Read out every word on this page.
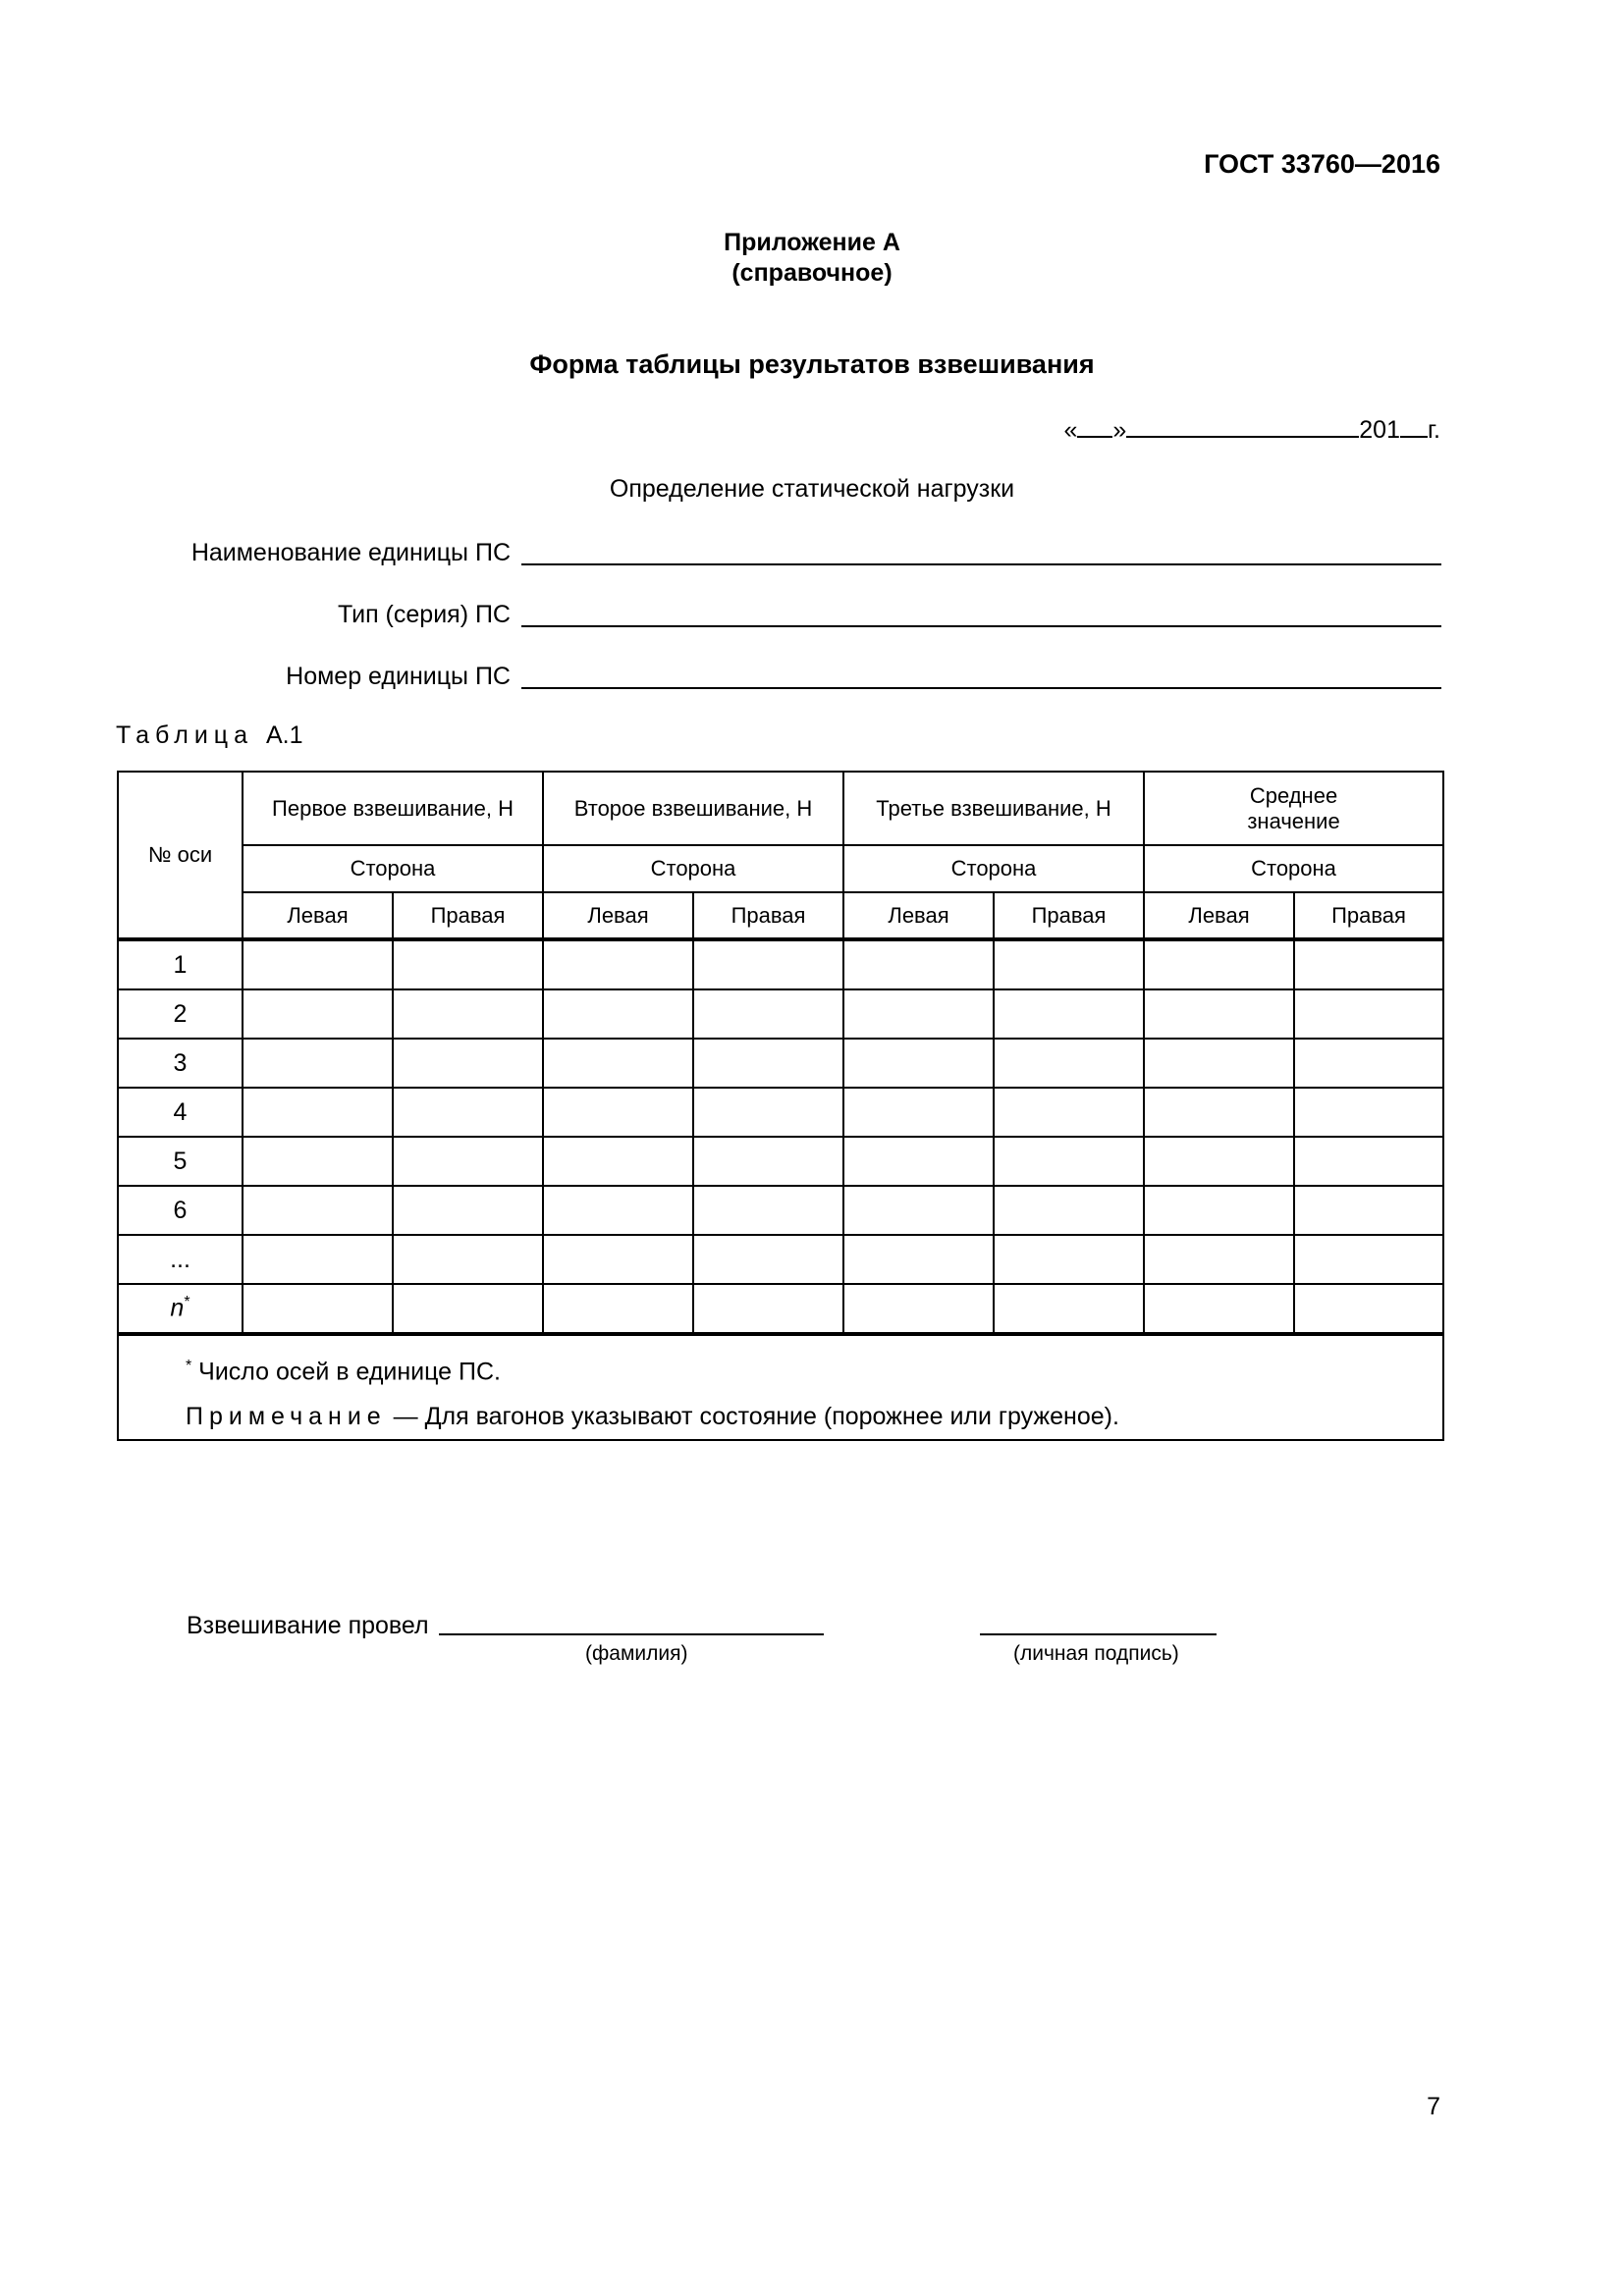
ГОСТ 33760—2016
Приложение А
(справочное)
Форма таблицы результатов взвешивания
« »	201 г.
Определение статической нагрузки
Наименование единицы ПС
Тип (серия) ПС
Номер единицы ПС
Таблица А.1
№ оси	Первое взвешивание, Н		Второе взвешивание, Н		Третье взвешивание, Н		Среднее значение	

	Сторона		Сторона		Сторона		Сторона	
	Левая	Правая	Левая	Правая	Левая	Правая	Левая	Правая
1								
2								
3								
4								
5								
6								
...								
n*								

* Число осей в единице ПС.
Примечание — Для вагонов указывают состояние (порожнее или груженое).								
Взвешивание провел
(фамилия)	(личная подпись)
7
